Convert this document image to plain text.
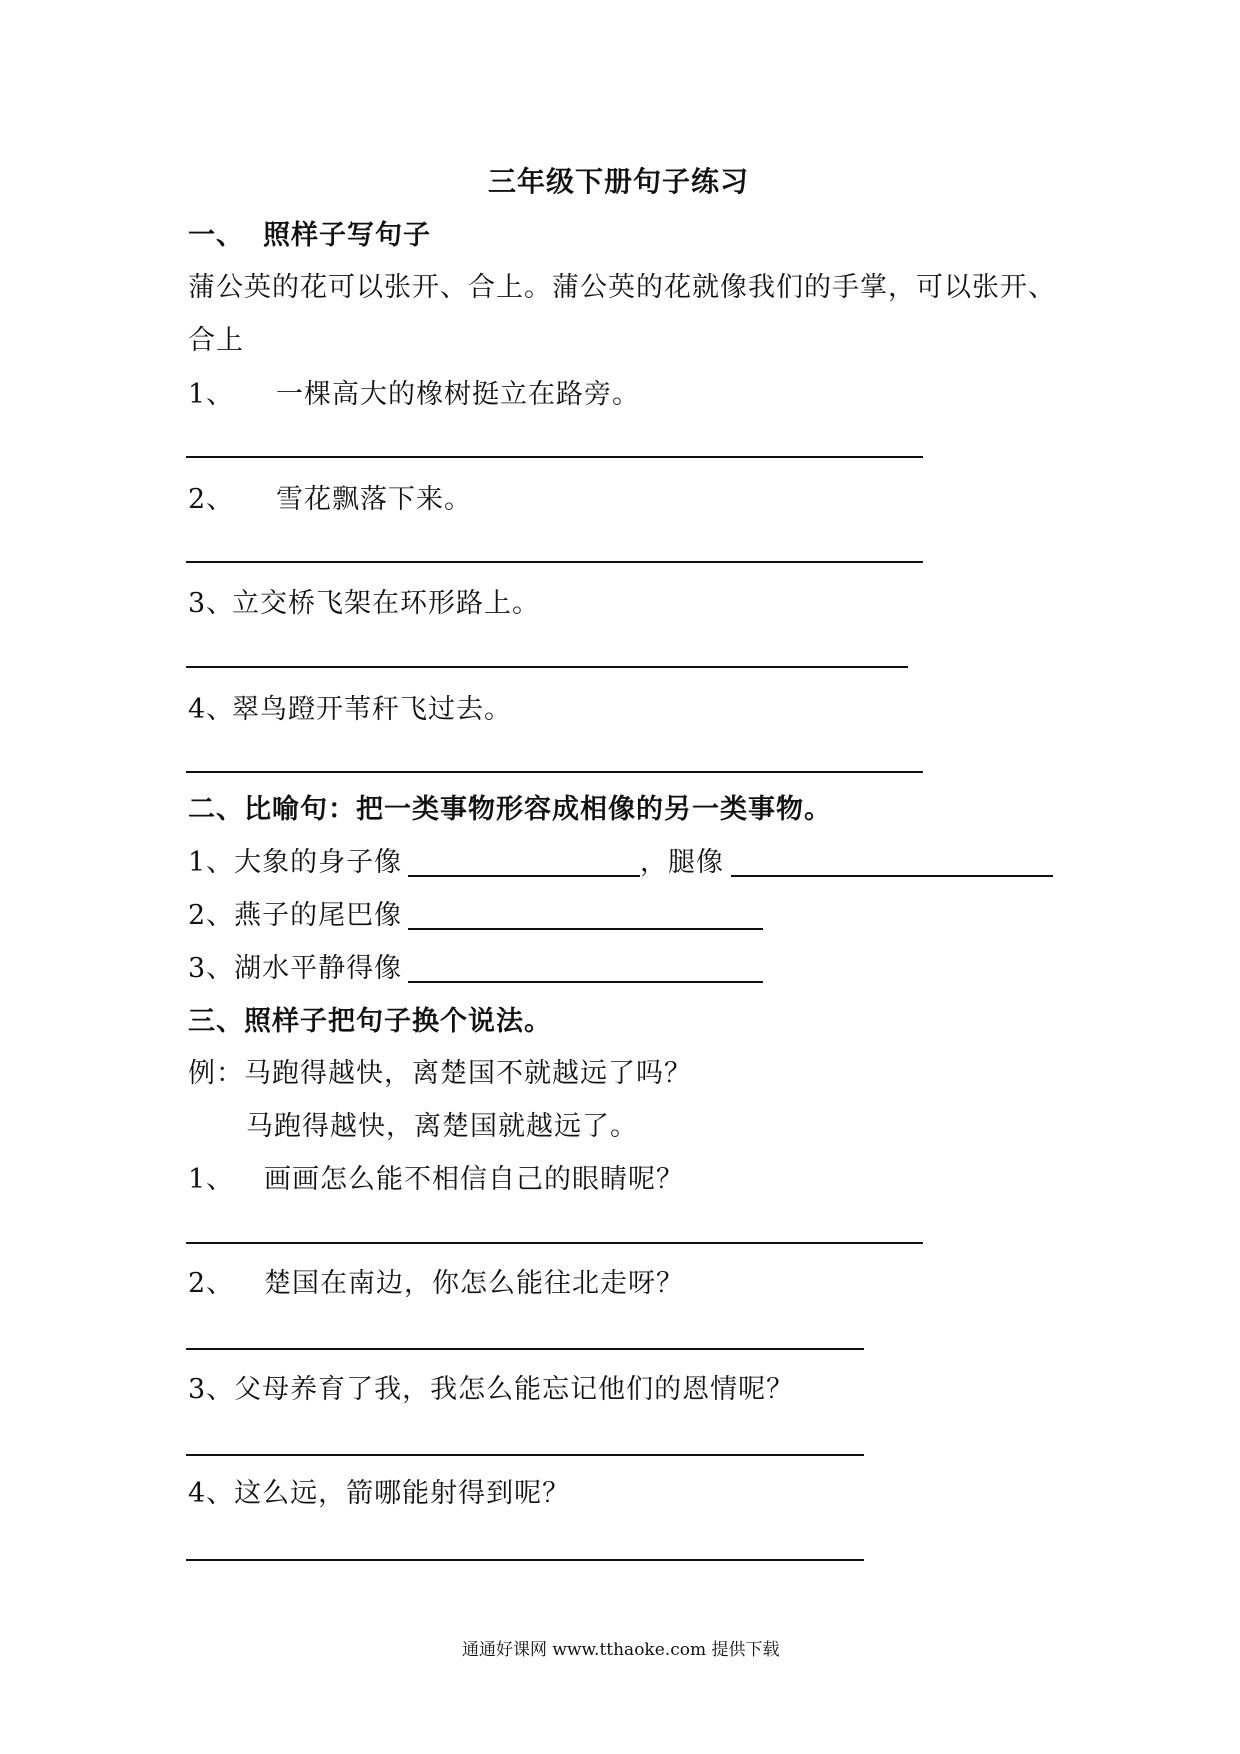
三年级下册句子练习
一、 照样子写句子
蒲公英的花可以张开、合上。蒲公英的花就像我们的手掌，可以张开、
合上
1、 一棵高大的橡树挺立在路旁。
2、 雪花飘落下来。
3、
立交桥飞架在环形路上。
4、
翠鸟蹬开苇秆飞过去。
二、比喻句：把一类事物形容成相像的另一类事物。
1、大象的身子像	，腿像
2、燕子的尾巴像
3、湖水平静得像
三、照样子把句子换个说法。
例：马跑得越快，离楚国不就越远了吗？
马跑得越快，离楚国就越远了。
1、 画画怎么能不相信自己的眼睛呢？
2、 楚国在南边，你怎么能往北走呀？
3、父母养育了我，我怎么能忘记他们的恩情呢？
4、这么远，箭哪能射得到呢？
通通好课网 www.tthaoke.com 提供下载
